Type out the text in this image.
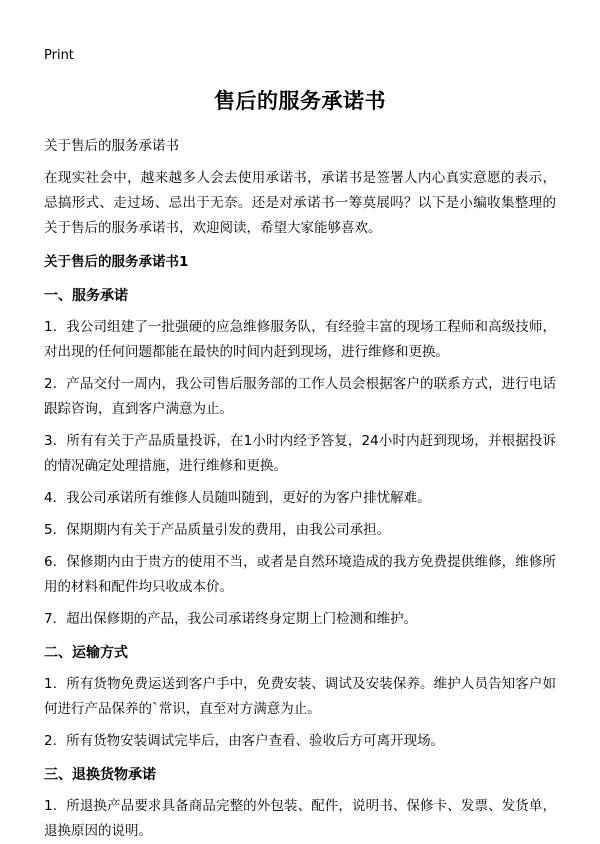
Print
售后的服务承诺书

关于售后的服务承诺书

在现实社会中，越来越多人会去使用承诺书，承诺书是签署人内心真实意愿的表示，忌搞形式、走过场、忌出于无奈。还是对承诺书一筹莫展吗？以下是小编收集整理的关于售后的服务承诺书，欢迎阅读，希望大家能够喜欢。

关于售后的服务承诺书1

一、服务承诺

1．我公司组建了一批强硬的应急维修服务队，有经验丰富的现场工程师和高级技师，对出现的任何问题都能在最快的时间内赶到现场，进行维修和更换。

2．产品交付一周内，我公司售后服务部的工作人员会根据客户的联系方式，进行电话跟踪咨询，直到客户满意为止。

3．所有有关于产品质量投诉，在1小时内经予答复，24小时内赶到现场，并根据投诉的情况确定处理措施，进行维修和更换。

4．我公司承诺所有维修人员随叫随到，更好的为客户排忧解难。

5．保期期内有关于产品质量引发的费用，由我公司承担。

6．保修期内由于贵方的使用不当，或者是自然环境造成的我方免费提供维修，维修所用的材料和配件均只收成本价。

7．超出保修期的产品，我公司承诺终身定期上门检测和维护。

二、运输方式

1．所有货物免费运送到客户手中，免费安装、调试及安装保养。维护人员告知客户如何进行产品保养的`常识，直至对方满意为止。

2．所有货物安装调试完毕后，由客户查看、验收后方可离开现场。

三、退换货物承诺

1．所退换产品要求具备商品完整的外包装、配件，说明书、保修卡、发票、发货单，退换原因的说明。
